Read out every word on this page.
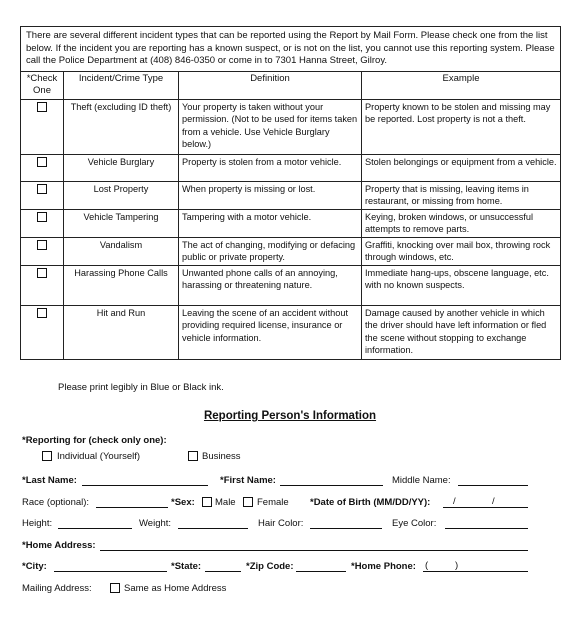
There are several different incident types that can be reported using the Report by Mail Form. Please check one from the list below. If the incident you are reporting has a known suspect, or is not on the list, you cannot use this reporting system. Please call the Police Department at (408) 846-0350 or come in to 7301 Hanna Street, Gilroy.			
*Check One	Incident/Crime Type	Definition	Example
	Theft (excluding ID theft)	Your property is taken without your permission. (Not to be used for items taken from a vehicle. Use Vehicle Burglary below.)	Property known to be stolen and missing may be reported. Lost property is not a theft.
	Vehicle Burglary	Property is stolen from a motor vehicle.	Stolen belongings or equipment from a vehicle.
	Lost Property	When property is missing or lost.	Property that is missing, leaving items in restaurant, or missing from home.
	Vehicle Tampering	Tampering with a motor vehicle.	Keying, broken windows, or unsuccessful attempts to remove parts.
	Vandalism	The act of changing, modifying or defacing public or private property.	Graffiti, knocking over mail box, throwing rock through windows, etc.
	Harassing Phone Calls	Unwanted phone calls of an annoying, harassing or threatening nature.	Immediate hang-ups, obscene language, etc. with no known suspects.
	Hit and Run	Leaving the scene of an accident without providing required license, insurance or vehicle information.	Damage caused by another vehicle in which the driver should have left information or fled the scene without stopping to exchange information.
Please print legibly in Blue or Black ink.
Reporting Person's Information
*Reporting for (check only one):
Individual (Yourself)	Business
*Last Name:	*First Name:	Middle Name:
Race (optional):	*Sex: Male Female *Date of Birth (MM/DD/YY): /	/
Height:	Weight:	Hair Color:	Eye Color:
*Home Address:
*City:	*State:	*Zip Code:	*Home Phone: (	)
Mailing Address:	Same as Home Address
